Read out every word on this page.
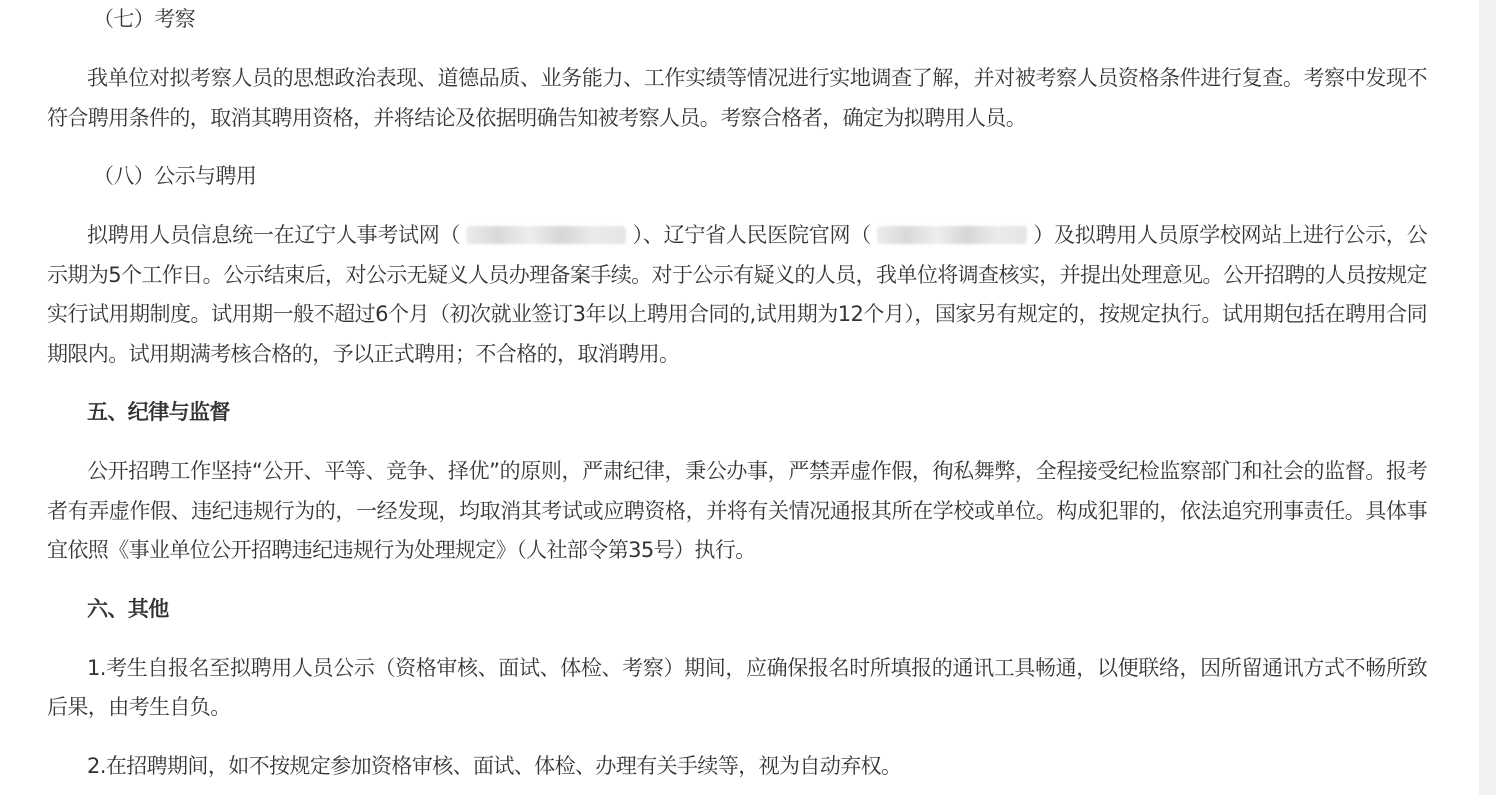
（七）考察

我单位对拟考察人员的思想政治表现、道德品质、业务能力、工作实绩等情况进行实地调查了解，并对被考察人员资格条件进行复查。考察中发现不符合聘用条件的，取消其聘用资格，并将结论及依据明确告知被考察人员。考察合格者，确定为拟聘用人员。

（八）公示与聘用

拟聘用人员信息统一在辽宁人事考试网（	）、辽宁省人民医院官网（	）及拟聘用人员原学校网站上进行公示，公示期为5个工作日。公示结束后，对公示无疑义人员办理备案手续。对于公示有疑义的人员，我单位将调查核实，并提出处理意见。公开招聘的人员按规定实行试用期制度。试用期一般不超过6个月（初次就业签订3年以上聘用合同的,试用期为12个月），国家另有规定的，按规定执行。试用期包括在聘用合同期限内。试用期满考核合格的，予以正式聘用；不合格的，取消聘用。

五、纪律与监督

公开招聘工作坚持“公开、平等、竞争、择优”的原则，严肃纪律，秉公办事，严禁弄虚作假，徇私舞弊，全程接受纪检监察部门和社会的监督。报考者有弄虚作假、违纪违规行为的，一经发现，均取消其考试或应聘资格，并将有关情况通报其所在学校或单位。构成犯罪的，依法追究刑事责任。具体事宜依照《事业单位公开招聘违纪违规行为处理规定》（人社部令第35号）执行。

六、其他

1.考生自报名至拟聘用人员公示（资格审核、面试、体检、考察）期间，应确保报名时所填报的通讯工具畅通，以便联络，因所留通讯方式不畅所致后果，由考生自负。

2.在招聘期间，如不按规定参加资格审核、面试、体检、办理有关手续等，视为自动弃权。
